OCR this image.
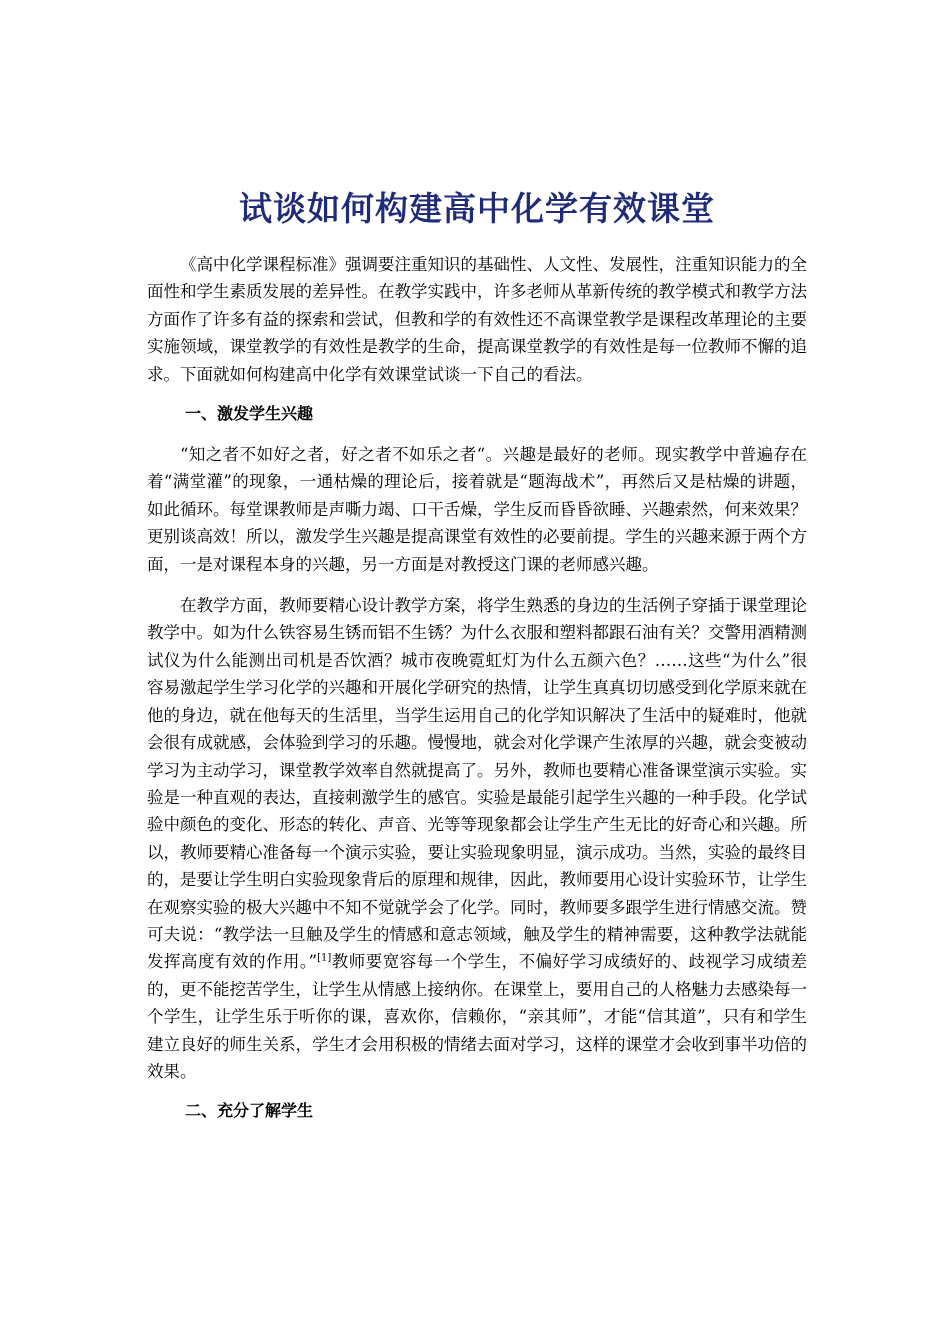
试谈如何构建高中化学有效课堂

《高中化学课程标准》强调要注重知识的基础性、人文性、发展性，注重知识能力的全面性和学生素质发展的差异性。在教学实践中，许多老师从革新传统的教学模式和教学方法方面作了许多有益的探索和尝试，但教和学的有效性还不高课堂教学是课程改革理论的主要实施领域，课堂教学的有效性是教学的生命，提高课堂教学的有效性是每一位教师不懈的追求。下面就如何构建高中化学有效课堂试谈一下自己的看法。

一、激发学生兴趣

“知之者不如好之者，好之者不如乐之者“。兴趣是最好的老师。现实教学中普遍存在着“满堂灌”的现象，一通枯燥的理论后，接着就是“题海战术”，再然后又是枯燥的讲题，如此循环。每堂课教师是声嘶力竭、口干舌燥，学生反而昏昏欲睡、兴趣索然，何来效果？更别谈高效！所以，激发学生兴趣是提高课堂有效性的必要前提。学生的兴趣来源于两个方面，一是对课程本身的兴趣，另一方面是对教授这门课的老师感兴趣。

在教学方面，教师要精心设计教学方案，将学生熟悉的身边的生活例子穿插于课堂理论教学中。如为什么铁容易生锈而铝不生锈？为什么衣服和塑料都跟石油有关？交警用酒精测试仪为什么能测出司机是否饮酒？城市夜晚霓虹灯为什么五颜六色？……这些“为什么”很容易激起学生学习化学的兴趣和开展化学研究的热情，让学生真真切切感受到化学原来就在他的身边，就在他每天的生活里，当学生运用自己的化学知识解决了生活中的疑难时，他就会很有成就感，会体验到学习的乐趣。慢慢地，就会对化学课产生浓厚的兴趣，就会变被动学习为主动学习，课堂教学效率自然就提高了。另外，教师也要精心准备课堂演示实验。实验是一种直观的表达，直接刺激学生的感官。实验是最能引起学生兴趣的一种手段。化学试验中颜色的变化、形态的转化、声音、光等等现象都会让学生产生无比的好奇心和兴趣。所以，教师要精心准备每一个演示实验，要让实验现象明显，演示成功。当然，实验的最终目的，是要让学生明白实验现象背后的原理和规律，因此，教师要用心设计实验环节，让学生在观察实验的极大兴趣中不知不觉就学会了化学。同时，教师要多跟学生进行情感交流。赞可夫说：“教学法一旦触及学生的情感和意志领域，触及学生的精神需要，这种教学法就能发挥高度有效的作用。”[1]教师要宽容每一个学生，不偏好学习成绩好的、歧视学习成绩差的，更不能挖苦学生，让学生从情感上接纳你。在课堂上，要用自己的人格魅力去感染每一个学生，让学生乐于听你的课，喜欢你，信赖你，“亲其师”，才能“信其道”，只有和学生建立良好的师生关系，学生才会用积极的情绪去面对学习，这样的课堂才会收到事半功倍的效果。

二、充分了解学生
